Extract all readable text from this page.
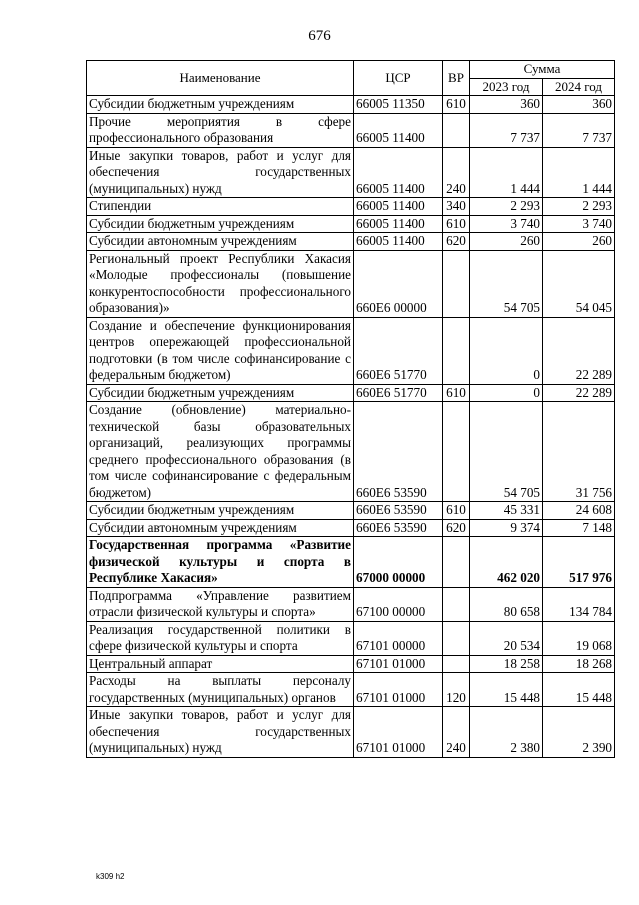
676
Наименование	ЦСР	ВР	Сумма	
			2023 год	2024 год
Субсидии бюджетным учреждениям	66005 11350	610	360	360
Прочие мероприятия в сфере профессионального образования	66005 11400		7 737	7 737
Иные закупки товаров, работ и услуг для обеспечения государственных (муниципальных) нужд	66005 11400	240	1 444	1 444
Стипендии	66005 11400	340	2 293	2 293
Субсидии бюджетным учреждениям	66005 11400	610	3 740	3 740
Субсидии автономным учреждениям	66005 11400	620	260	260
Региональный проект Республики Хакасия «Молодые профессионалы (повышение конкурентоспособности профессионального образования)»	660Е6 00000		54 705	54 045
Создание и обеспечение функционирования центров опережающей профессиональной подготовки (в том числе софинансирование с федеральным бюджетом)	660Е6 51770		0	22 289
Субсидии бюджетным учреждениям	660Е6 51770	610	0	22 289
Создание (обновление) материально-технической базы образовательных организаций, реализующих программы среднего профессионального образования (в том числе софинансирование с федеральным бюджетом)	660Е6 53590		54 705	31 756
Субсидии бюджетным учреждениям	660Е6 53590	610	45 331	24 608
Субсидии автономным учреждениям	660Е6 53590	620	9 374	7 148
Государственная программа «Развитие физической культуры и спорта в Республике Хакасия»	67000 00000		462 020	517 976
Подпрограмма «Управление развитием отрасли физической культуры и спорта»	67100 00000		80 658	134 784
Реализация государственной политики в сфере физической культуры и спорта	67101 00000		20 534	19 068
Центральный аппарат	67101 01000		18 258	18 268
Расходы на выплаты персоналу государственных (муниципальных) органов	67101 01000	120	15 448	15 448
Иные закупки товаров, работ и услуг для обеспечения государственных (муниципальных) нужд	67101 01000	240	2 380	2 390
k309 h2
